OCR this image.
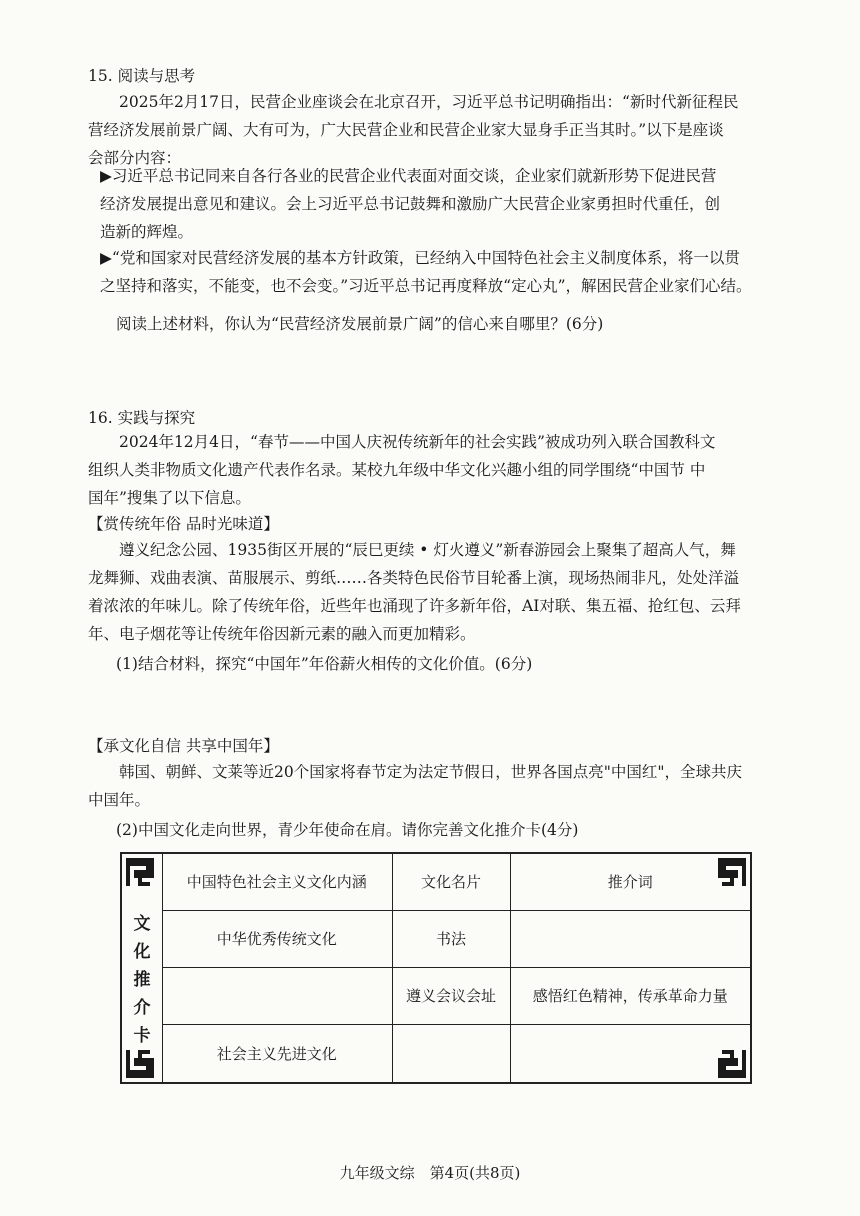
15. 阅读与思考
2025年2月17日，民营企业座谈会在北京召开，习近平总书记明确指出：“新时代新征程民
营经济发展前景广阔、大有可为，广大民营企业和民营企业家大显身手正当其时。”以下是座谈
会部分内容：
▶习近平总书记同来自各行各业的民营企业代表面对面交谈，企业家们就新形势下促进民营
经济发展提出意见和建议。会上习近平总书记鼓舞和激励广大民营企业家勇担时代重任，创
造新的辉煌。
▶“党和国家对民营经济发展的基本方针政策，已经纳入中国特色社会主义制度体系，将一以贯
之坚持和落实，不能变，也不会变。”习近平总书记再度释放“定心丸”，解困民营企业家们心结。
阅读上述材料，你认为“民营经济发展前景广阔”的信心来自哪里？(6分)
16. 实践与探究
2024年12月4日，“春节——中国人庆祝传统新年的社会实践”被成功列入联合国教科文
组织人类非物质文化遗产代表作名录。某校九年级中华文化兴趣小组的同学围绕“中国节 中
国年”搜集了以下信息。
【赏传统年俗 品时光味道】
遵义纪念公园、1935街区开展的“辰巳更续 • 灯火遵义”新春游园会上聚集了超高人气，舞
龙舞狮、戏曲表演、苗服展示、剪纸……各类特色民俗节目轮番上演，现场热闹非凡，处处洋溢
着浓浓的年味儿。除了传统年俗，近些年也涌现了许多新年俗，AI对联、集五福、抢红包、云拜
年、电子烟花等让传统年俗因新元素的融入而更加精彩。
(1)结合材料，探究“中国年”年俗薪火相传的文化价值。(6分)
【承文化自信 共享中国年】
韩国、朝鲜、文莱等近20个国家将春节定为法定节假日，世界各国点亮"中国红"，全球共庆
中国年。
(2)中国文化走向世界，青少年使命在肩。请你完善文化推介卡(4分)
文
化
推
介
卡
中国特色社会主义文化内涵	文化名片	推介词
中华优秀传统文化	书法	
	遵义会议会址	感悟红色精神，传承革命力量
社会主义先进文化		
九年级文综　第4页(共8页)
